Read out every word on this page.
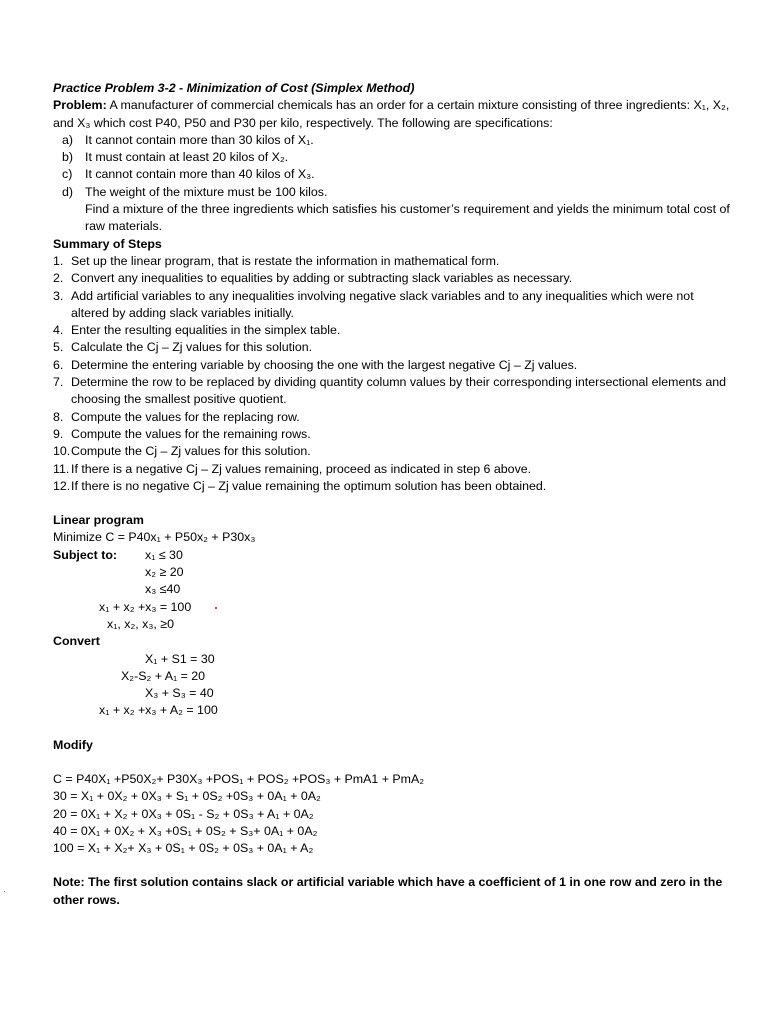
Practice Problem 3-2 - Minimization of Cost (Simplex Method)
Problem: A manufacturer of commercial chemicals has an order for a certain mixture consisting of three ingredients: X₁, X₂, and X₃ which cost P40, P50 and P30 per kilo, respectively. The following are specifications:
a) It cannot contain more than 30 kilos of X₁.
b) It must contain at least 20 kilos of X₂.
c)	It cannot contain more than 40 kilos of X₃.
d) The weight of the mixture must be 100 kilos.
Find a mixture of the three ingredients which satisfies his customer’s requirement and yields the minimum total cost of raw materials.
Summary of Steps
1. Set up the linear program, that is restate the information in mathematical form.
2. Convert any inequalities to equalities by adding or subtracting slack variables as necessary.
3. Add artificial variables to any inequalities involving negative slack variables and to any inequalities which were not altered by adding slack variables initially.
4. Enter the resulting equalities in the simplex table.
5. Calculate the Cj – Zj values for this solution.
6. Determine the entering variable by choosing the one with the largest negative Cj – Zj values.
7. Determine the row to be replaced by dividing quantity column values by their corresponding intersectional elements and choosing the smallest positive quotient.
8. Compute the values for the replacing row.
9. Compute the values for the remaining rows.
10. Compute the Cj – Zj values for this solution.
11. If there is a negative Cj – Zj values remaining, proceed as indicated in step 6 above.
12. If there is no negative Cj – Zj value remaining the optimum solution has been obtained.
Linear program
Minimize C = P40x₁ + P50x₂ + P30x₃
Subject to:	x₁ ≤ 30
x₂ ≥ 20
x₃ ≤40
x₁ + x₂ +x₃ = 100
x₁, x₂, x₃, ≥0
Convert
X₁ + S1 = 30
X₂-S₂ + A₁ = 20
X₃ + S₃ = 40
x₁ + x₂ +x₃ + A₂ = 100
Modify
C = P40X₁ +P50X₂+ P30X₃ +POS₁ + POS₂ +POS₃ + PmA1 + PmA₂
30 = X₁ + 0X₂ + 0X₃ + S₁ + 0S₂ +0S₃ + 0A₁ + 0A₂
20 = 0X₁ + X₂ + 0X₃ + 0S₁ - S₂ + 0S₃ + A₁ + 0A₂
40 = 0X₁ + 0X₂ + X₃ +0S₁ + 0S₂ + S₃+ 0A₁ + 0A₂
100 = X₁ + X₂+ X₃ + 0S₁ + 0S₂ + 0S₃ + 0A₁ + A₂
Note: The first solution contains slack or artificial variable which have a coefficient of 1 in one row and zero in the other rows.
